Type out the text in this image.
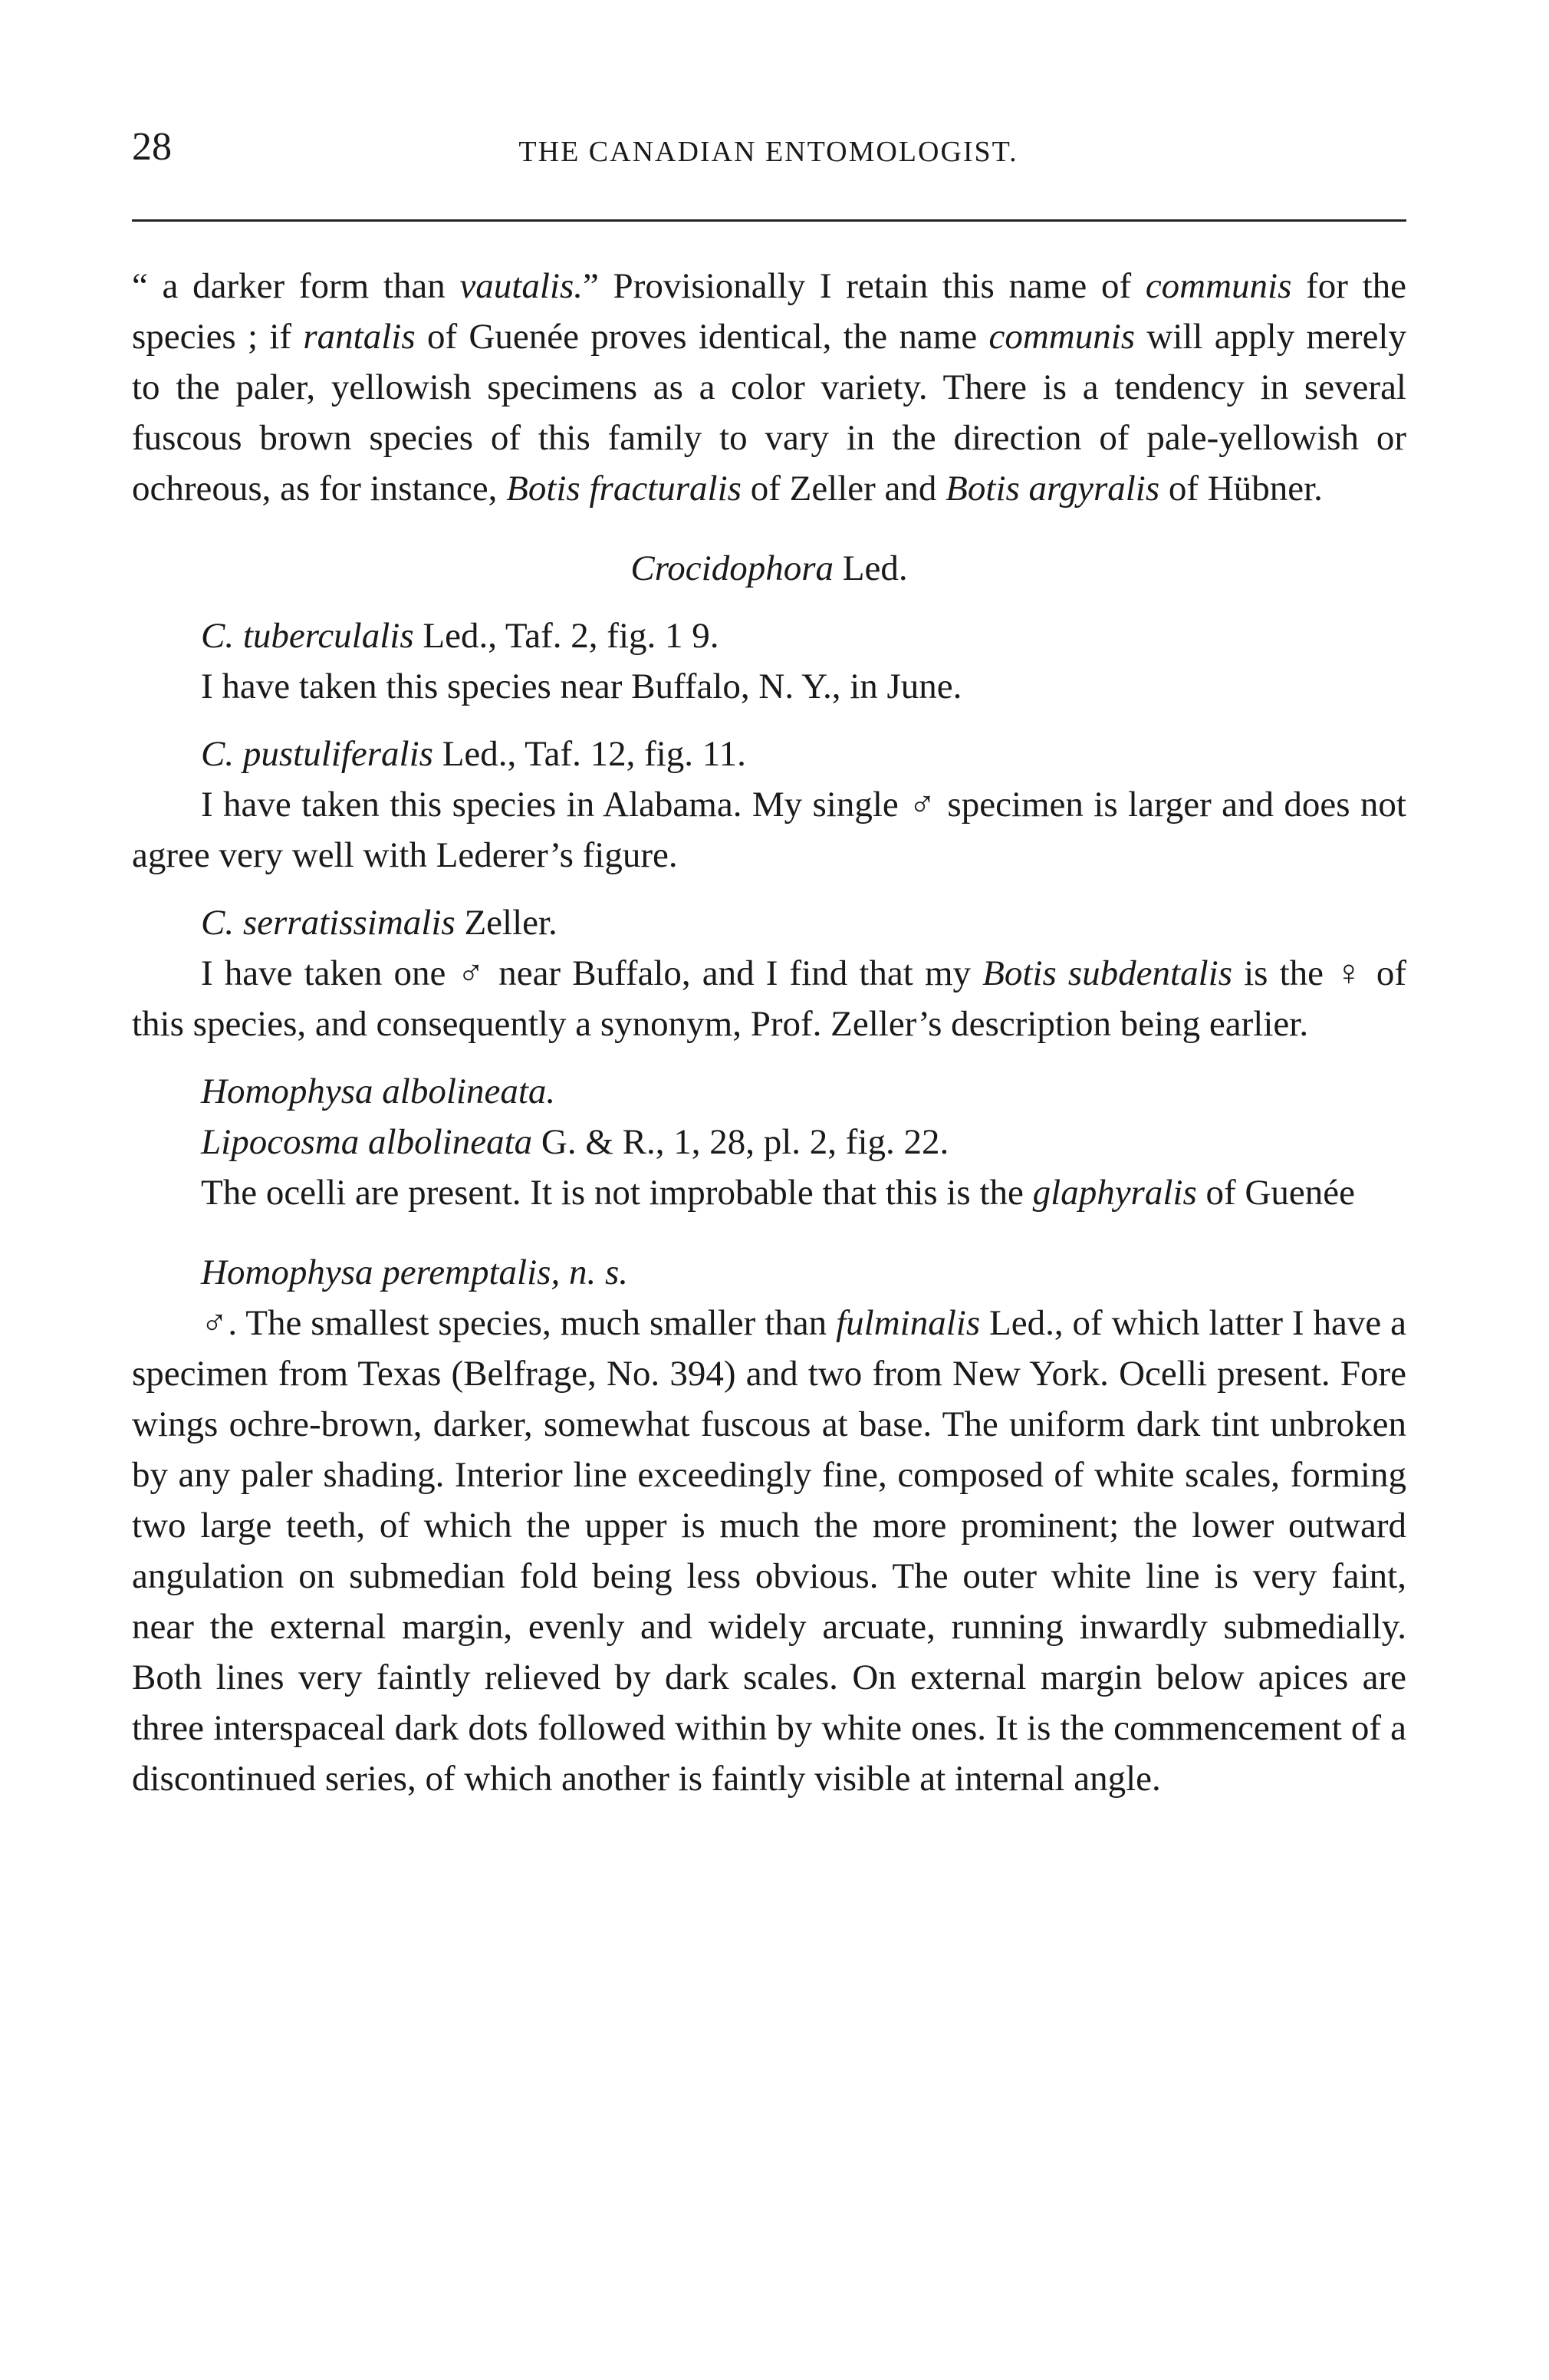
28	THE CANADIAN ENTOMOLOGIST.

“ a darker form than vautalis.” Provisionally I retain this name of communis for the species ; if rantalis of Guenée proves identical, the name communis will apply merely to the paler, yellowish specimens as a color variety. There is a tendency in several fuscous brown species of this family to vary in the direction of pale-yellowish or ochreous, as for instance, Botis fracturalis of Zeller and Botis argyralis of Hübner.

Crocidophora Led.

C. tuberculalis Led., Taf. 2, fig. 1 9.

I have taken this species near Buffalo, N. Y., in June.

C. pustuliferalis Led., Taf. 12, fig. 11.

I have taken this species in Alabama. My single ♂ specimen is larger and does not agree very well with Lederer’s figure.

C. serratissimalis Zeller.

I have taken one ♂ near Buffalo, and I find that my Botis subdentalis is the ♀ of this species, and consequently a synonym, Prof. Zeller’s description being earlier.

Homophysa albolineata.

Lipocosma albolineata G. & R., 1, 28, pl. 2, fig. 22.

The ocelli are present. It is not improbable that this is the glaphyralis of Guenée

Homophysa peremptalis, n. s.

♂. The smallest species, much smaller than fulminalis Led., of which latter I have a specimen from Texas (Belfrage, No. 394) and two from New York. Ocelli present. Fore wings ochre-brown, darker, somewhat fuscous at base. The uniform dark tint unbroken by any paler shading. Interior line exceedingly fine, composed of white scales, forming two large teeth, of which the upper is much the more prominent; the lower outward angulation on submedian fold being less obvious. The outer white line is very faint, near the external margin, evenly and widely arcuate, running inwardly submedially. Both lines very faintly relieved by dark scales. On external margin below apices are three interspaceal dark dots followed within by white ones. It is the commencement of a discontinued series, of which another is faintly visible at internal angle.
